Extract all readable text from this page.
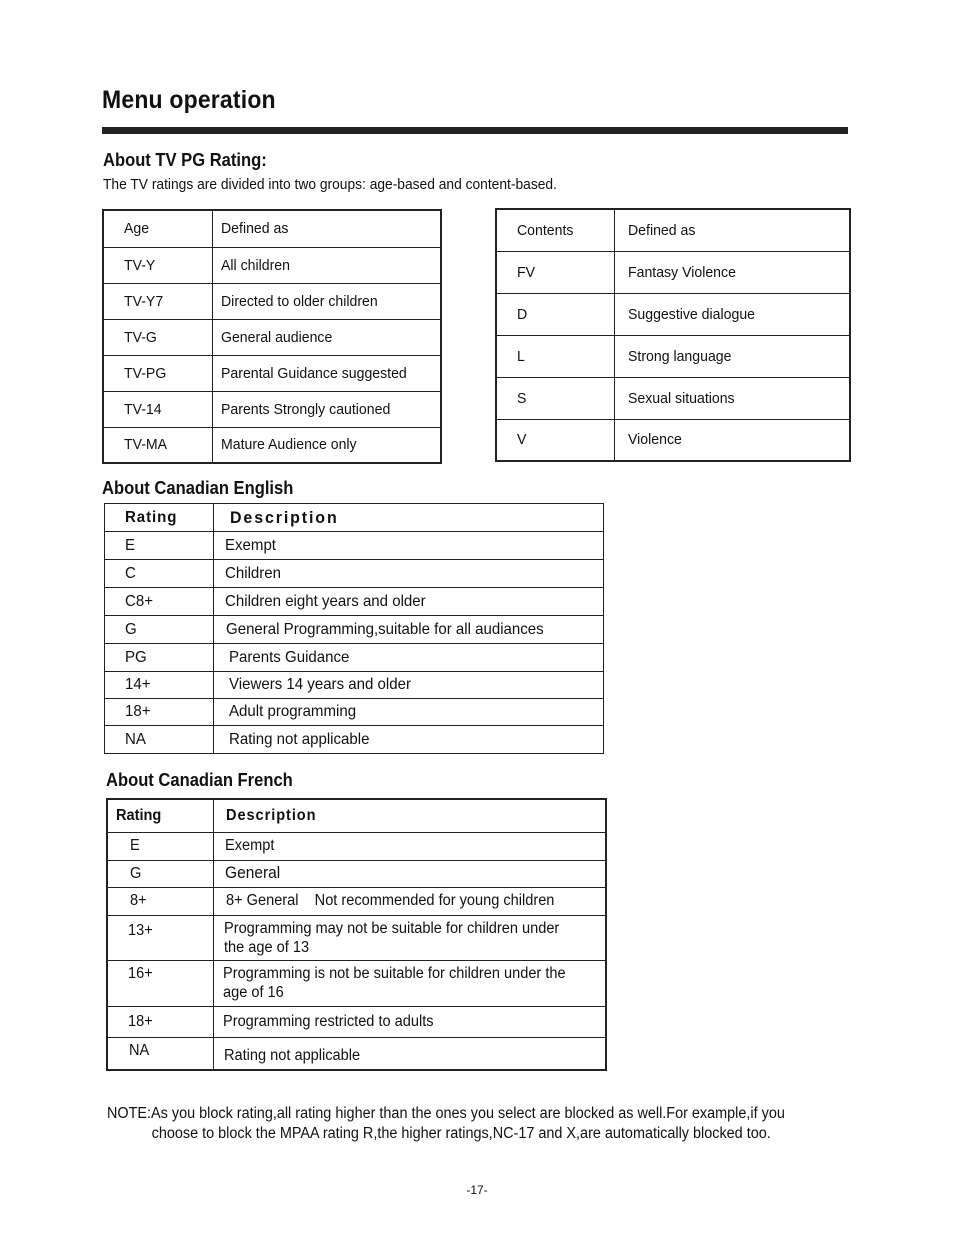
Menu operation
About TV PG Rating:
The TV ratings are divided into two groups: age-based and content-based.
Age	Defined as
TV-Y	All children
TV-Y7	Directed to older children
TV-G	General audience
TV-PG	Parental Guidance suggested
TV-14	Parents Strongly cautioned
TV-MA	Mature Audience only
Contents	Defined as
FV	Fantasy Violence
D	Suggestive dialogue
L	Strong language
S	Sexual situations
V	Violence
About Canadian English
Rating	Description
E	Exempt
C	Children
C8+	Children eight years and older
G	General Programming,suitable for all audiances
PG	Parents Guidance
14+	Viewers 14 years and older
18+	Adult programming
NA	Rating not applicable
About Canadian French
Rating	Description
E	Exempt
G	General
8+	8+ General    Not recommended for young children
13+	Programming may not be suitable for children under the age of 13
16+	Programming is not be suitable for children under the age of 16
18+	Programming restricted to adults
NA	Rating not applicable
NOTE:As you block rating,all rating higher than the ones you select are blocked as well.For example,if you
choose to block the MPAA rating R,the higher ratings,NC-17 and X,are automatically blocked too.
-17-
